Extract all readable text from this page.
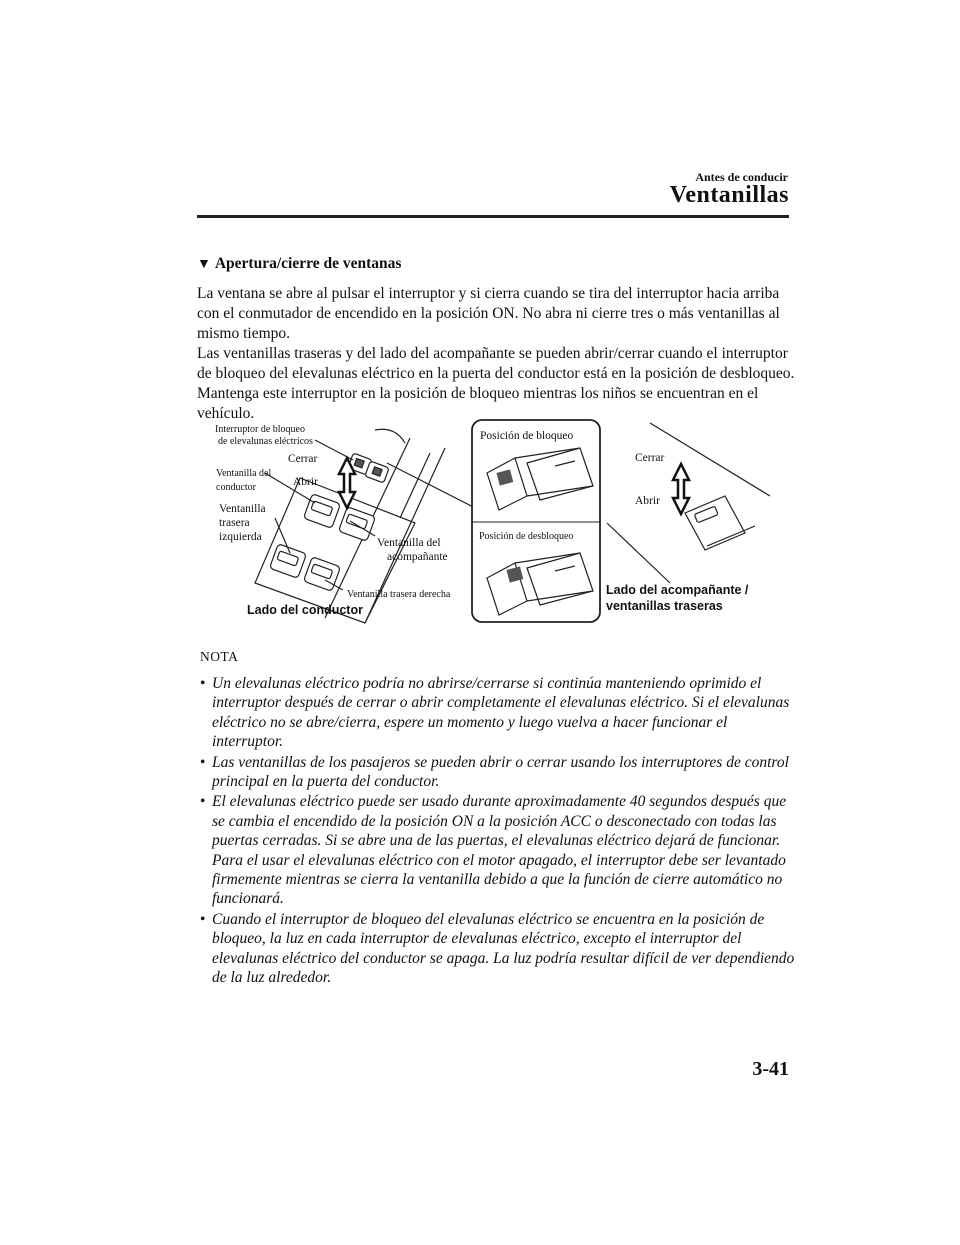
Antes de conducir
Ventanillas
▼ Apertura/cierre de ventanas
La ventana se abre al pulsar el interruptor y si cierra cuando se tira del interruptor hacia arriba con el conmutador de encendido en la posición ON. No abra ni cierre tres o más ventanillas al mismo tiempo.
Las ventanillas traseras y del lado del acompañante se pueden abrir/cerrar cuando el interruptor de bloqueo del elevalunas eléctrico en la puerta del conductor está en la posición de desbloqueo. Mantenga este interruptor en la posición de bloqueo mientras los niños se encuentran en el vehículo.
Interruptor de bloqueo
de elevalunas eléctricos
Cerrar
Abrir
Ventanilla del
conductor
Ventanilla
trasera
izquierda	Ventanilla del
acompañante
Ventanilla trasera derecha
Lado del conductor
Posición de bloqueo
Posición de desbloqueo
Cerrar
Abrir
Lado del acompañante /
ventanillas traseras
NOTA
• Un elevalunas eléctrico podría no abrirse/cerrarse si continúa manteniendo oprimido el interruptor después de cerrar o abrir completamente el elevalunas eléctrico. Si el elevalunas eléctrico no se abre/cierra, espere un momento y luego vuelva a hacer funcionar el interruptor.
• Las ventanillas de los pasajeros se pueden abrir o cerrar usando los interruptores de control principal en la puerta del conductor.
• El elevalunas eléctrico puede ser usado durante aproximadamente 40 segundos después que se cambia el encendido de la posición ON a la posición ACC o desconectado con todas las puertas cerradas. Si se abre una de las puertas, el elevalunas eléctrico dejará de funcionar.
Para el usar el elevalunas eléctrico con el motor apagado, el interruptor debe ser levantado firmemente mientras se cierra la ventanilla debido a que la función de cierre automático no funcionará.
• Cuando el interruptor de bloqueo del elevalunas eléctrico se encuentra en la posición de bloqueo, la luz en cada interruptor de elevalunas eléctrico, excepto el interruptor del elevalunas eléctrico del conductor se apaga. La luz podría resultar difícil de ver dependiendo de la luz alrededor.
3-41
